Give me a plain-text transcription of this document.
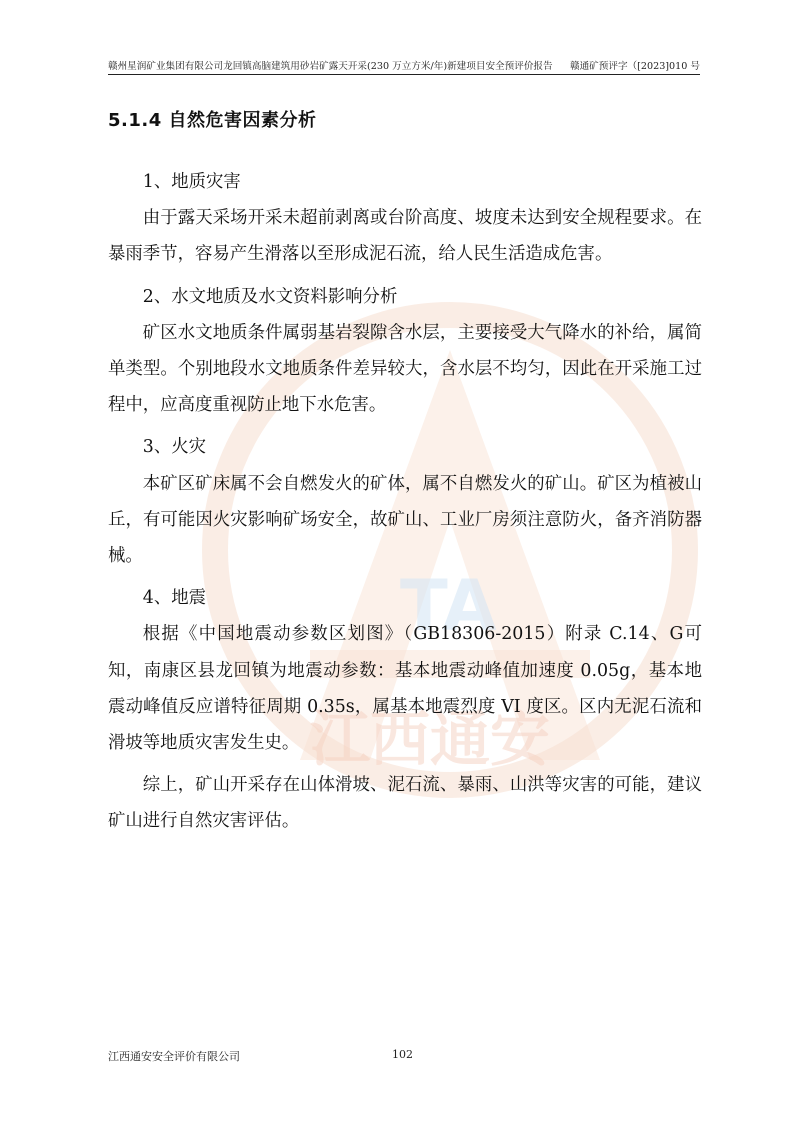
TA
江西通安
赣州星润矿业集团有限公司龙回镇高脑建筑用砂岩矿露天开采(230 万立方米/年)新建项目安全预评价报告 赣通矿预评字（[2023]010 号
5.1.4 自然危害因素分析

1、地质灾害

由于露天采场开采未超前剥离或台阶高度、坡度未达到安全规程要求。在暴雨季节，容易产生滑落以至形成泥石流，给人民生活造成危害。

2、水文地质及水文资料影响分析

矿区水文地质条件属弱基岩裂隙含水层，主要接受大气降水的补给，属简单类型。个别地段水文地质条件差异较大，含水层不均匀，因此在开采施工过程中，应高度重视防止地下水危害。

3、火灾

本矿区矿床属不会自燃发火的矿体，属不自燃发火的矿山。矿区为植被山丘，有可能因火灾影响矿场安全，故矿山、工业厂房须注意防火，备齐消防器械。

4、地震

根据《中国地震动参数区划图》（GB18306-2015）附录 C.14、G可知，南康区县龙回镇为地震动参数：基本地震动峰值加速度 0.05g，基本地震动峰值反应谱特征周期 0.35s，属基本地震烈度 VI 度区。区内无泥石流和滑坡等地质灾害发生史。

综上，矿山开采存在山体滑坡、泥石流、暴雨、山洪等灾害的可能，建议矿山进行自然灾害评估。

江西通安安全评价有限公司	102
